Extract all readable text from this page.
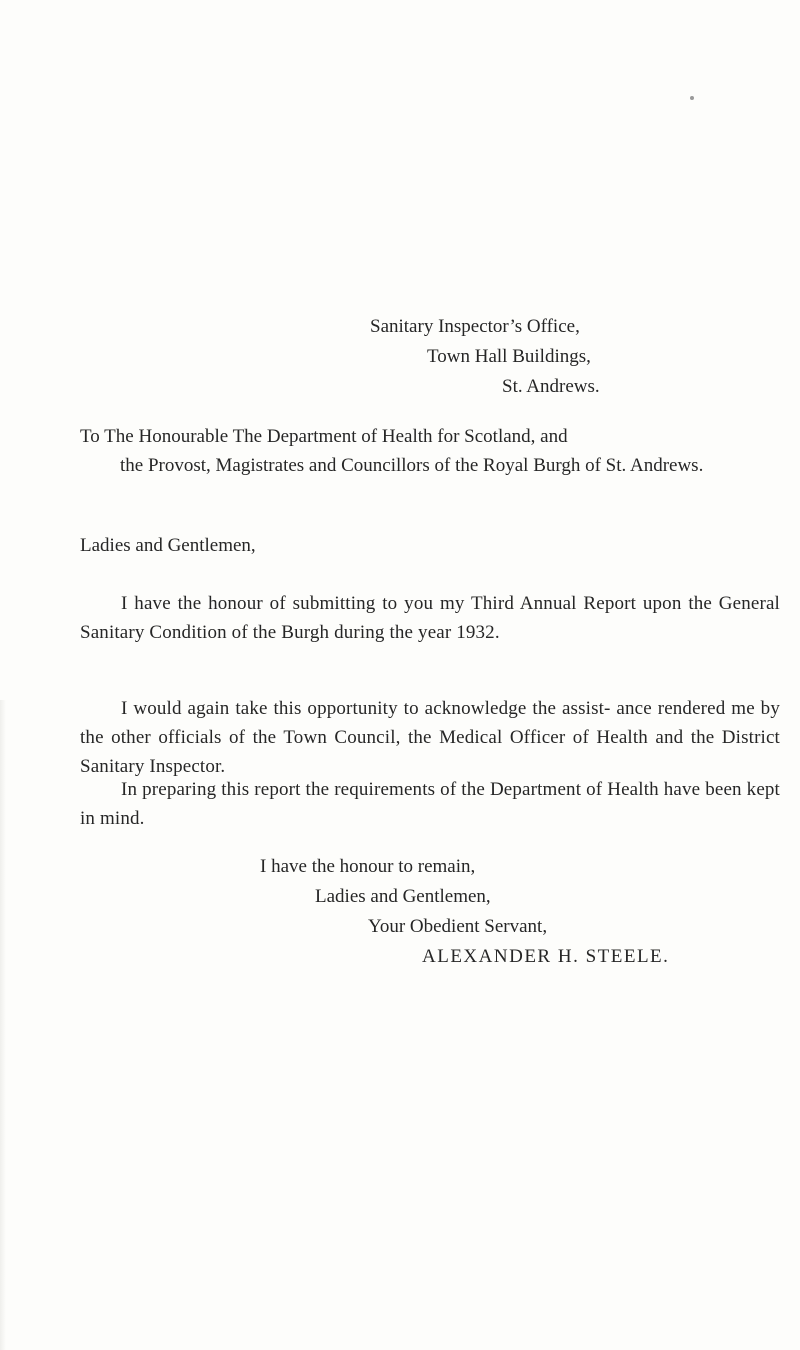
Sanitary Inspector’s Office,
Town Hall Buildings,
St. Andrews.
To The Honourable The Department of Health for Scotland, and
the Provost, Magistrates and Councillors of the Royal Burgh of St. Andrews.
Ladies and Gentlemen,
I have the honour of submitting to you my Third Annual Report upon the General Sanitary Condition of the Burgh during the year 1932.
I would again take this opportunity to acknowledge the assist- ance rendered me by the other officials of the Town Council, the Medical Officer of Health and the District Sanitary Inspector.
In preparing this report the requirements of the Department of Health have been kept in mind.
I have the honour to remain,
Ladies and Gentlemen,
Your Obedient Servant,
ALEXANDER H. STEELE.
